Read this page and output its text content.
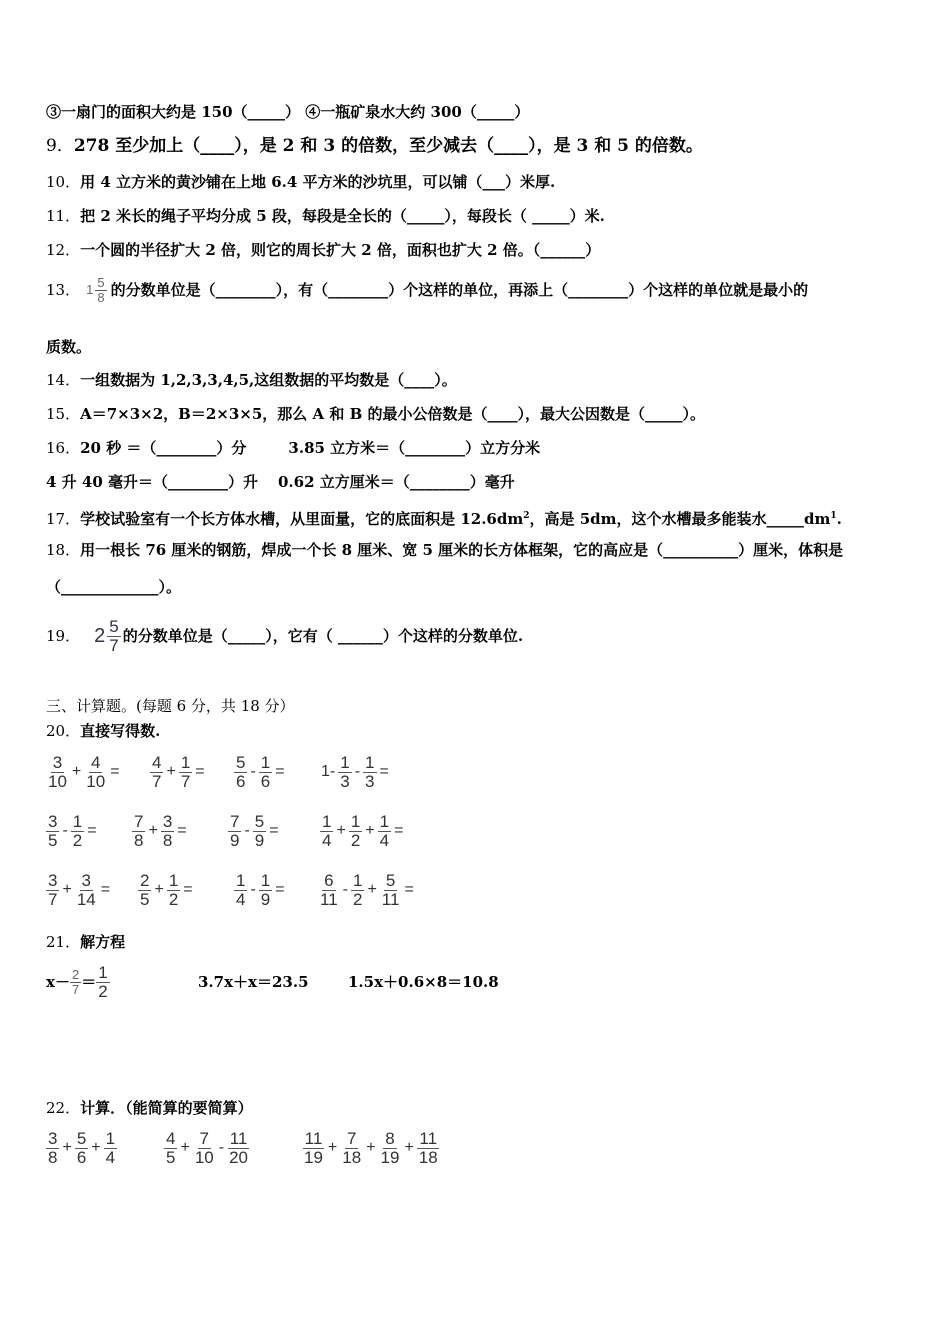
③一扇门的面积大约是 150（_____） ④一瓶矿泉水大约 300（_____）
9．278 至少加上（____），是 2 和 3 的倍数，至少减去（____），是 3 和 5 的倍数。
10．用 4 立方米的黄沙铺在上地 6.4 平方米的沙坑里，可以铺（___）米厚.
11．把 2 米长的绳子平均分成 5 段，每段是全长的（_____），每段长（ _____）米.
12．一个圆的半径扩大 2 倍，则它的周长扩大 2 倍，面积也扩大 2 倍。（______）
13． $1 \frac{5}{8}$ 的分数单位是（________），有（________）个这样的单位，再添上（________）个这样的单位就是最小的
质数。
14．一组数据为 1,2,3,3,4,5,这组数据的平均数是（____）。
15．A＝7×3×2，B＝2×3×5，那么 A 和 B 的最小公倍数是（____），最大公因数是（_____）。
16．20 秒 ＝（________）分	3.85 立方米＝（________）立方分米
4 升 40 毫升＝（________）升 0.62 立方厘米＝（________）毫升
17．学校试验室有一个长方体水槽，从里面量，它的底面积是 $12.6dm^2$，高是 5dm，这个水槽最多能装水$\_\_\_\_\_dm^1$.
18．用一根长 76 厘米的钢筋，焊成一个长 8 厘米、宽 5 厘米的长方体框架，它的高应是（__________）厘米，体积是
（_____________）。
19． $2 \frac{5}{7}$ 的分数单位是（_____），它有（ ______）个这样的分数单位.
三、计算题。(每题 6 分，共 18 分）
20．直接写得数.
$\frac{3}{10} + \frac{4}{10} = \frac{4}{7} + \frac{1}{7} = \frac{5}{6} - \frac{1}{6} = 1- \frac{1}{3} - \frac{1}{3}$ =
$\frac{3}{5} - \frac{1}{2} = \frac{7}{8} + \frac{3}{8} = \frac{7}{9} - \frac{5}{9} = \frac{1}{4} + \frac{1}{2} + \frac{1}{4}$ =
$\frac{3}{7} + \frac{3}{14} = \frac{2}{5} + \frac{1}{2} = \frac{1}{4} - \frac{1}{9} = \frac{6}{11} - \frac{1}{2} + \frac{5}{11}$ =
21．解方程
$x- \frac{2}{7} = \frac{1}{2}$	3.7x＋x＝23.5	1.5x＋0.6×8＝10.8
22．计算．（能简算的要简算）
$\frac{3}{8} + \frac{5}{6} + \frac{1}{4}$	$\frac{4}{5} + \frac{7}{10} - \frac{11}{20}$	$\frac{11}{19} + \frac{7}{18} + \frac{8}{19} + \frac{11}{18}$
